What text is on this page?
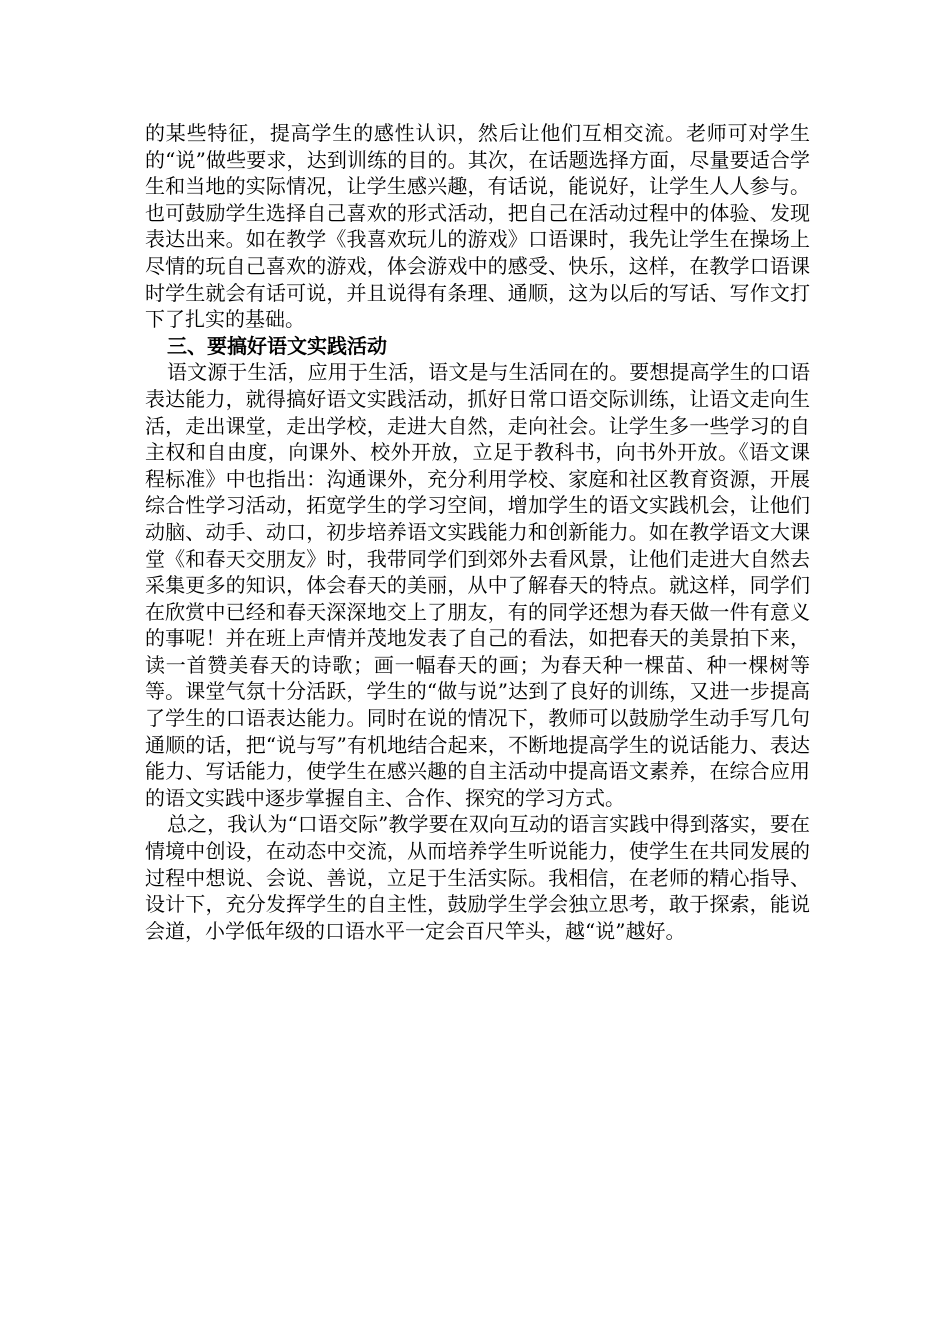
的某些特征，提高学生的感性认识，然后让他们互相交流。老师可对学生的“说”做些要求，达到训练的目的。其次，在话题选择方面，尽量要适合学生和当地的实际情况，让学生感兴趣，有话说，能说好，让学生人人参与。也可鼓励学生选择自己喜欢的形式活动，把自己在活动过程中的体验、发现表达出来。如在教学《我喜欢玩儿的游戏》口语课时，我先让学生在操场上尽情的玩自己喜欢的游戏，体会游戏中的感受、快乐，这样，在教学口语课时学生就会有话可说，并且说得有条理、通顺，这为以后的写话、写作文打下了扎实的基础。

三、要搞好语文实践活动

语文源于生活，应用于生活，语文是与生活同在的。要想提高学生的口语表达能力，就得搞好语文实践活动，抓好日常口语交际训练，让语文走向生活，走出课堂，走出学校，走进大自然，走向社会。让学生多一些学习的自主权和自由度，向课外、校外开放，立足于教科书，向书外开放。《语文课程标准》中也指出：沟通课外，充分利用学校、家庭和社区教育资源，开展综合性学习活动，拓宽学生的学习空间，增加学生的语文实践机会，让他们动脑、动手、动口，初步培养语文实践能力和创新能力。如在教学语文大课堂《和春天交朋友》时，我带同学们到郊外去看风景，让他们走进大自然去采集更多的知识，体会春天的美丽，从中了解春天的特点。就这样，同学们在欣赏中已经和春天深深地交上了朋友，有的同学还想为春天做一件有意义的事呢！并在班上声情并茂地发表了自己的看法，如把春天的美景拍下来，读一首赞美春天的诗歌；画一幅春天的画；为春天种一棵苗、种一棵树等等。课堂气氛十分活跃，学生的“做与说”达到了良好的训练，又进一步提高了学生的口语表达能力。同时在说的情况下，教师可以鼓励学生动手写几句通顺的话，把“说与写”有机地结合起来，不断地提高学生的说话能力、表达能力、写话能力，使学生在感兴趣的自主活动中提高语文素养，在综合应用的语文实践中逐步掌握自主、合作、探究的学习方式。

总之，我认为“口语交际”教学要在双向互动的语言实践中得到落实，要在情境中创设，在动态中交流，从而培养学生听说能力，使学生在共同发展的过程中想说、会说、善说，立足于生活实际。我相信，在老师的精心指导、设计下，充分发挥学生的自主性，鼓励学生学会独立思考，敢于探索，能说会道，小学低年级的口语水平一定会百尺竿头，越“说”越好。
